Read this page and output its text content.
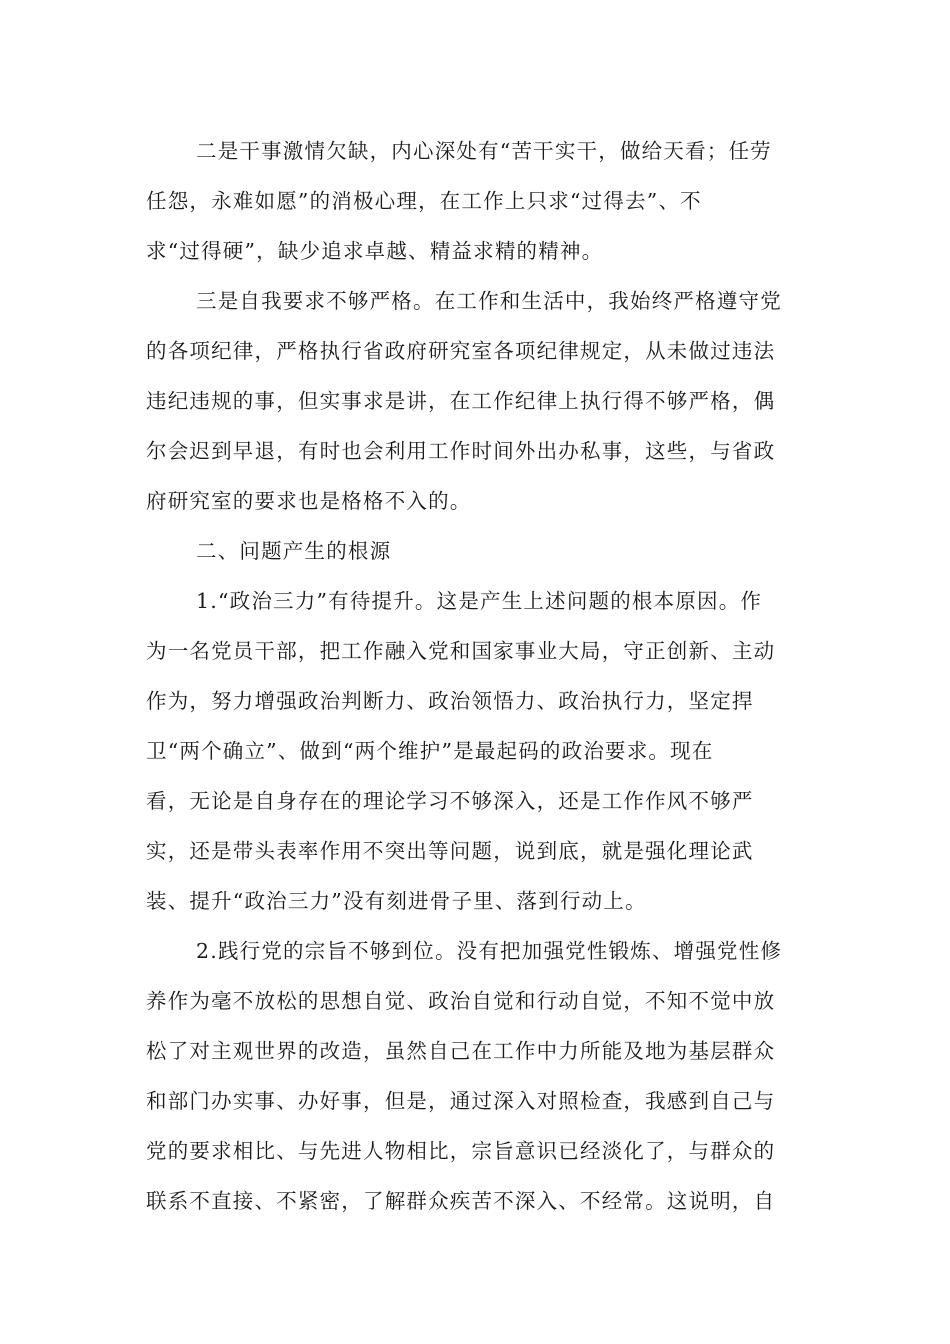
二是干事激情欠缺，内心深处有“苦干实干，做给天看；任劳
任怨，永难如愿”的消极心理，在工作上只求“过得去”、不
求“过得硬”，缺少追求卓越、精益求精的精神。
三是自我要求不够严格。在工作和生活中，我始终严格遵守党
的各项纪律，严格执行省政府研究室各项纪律规定，从未做过违法
违纪违规的事，但实事求是讲，在工作纪律上执行得不够严格，偶
尔会迟到早退，有时也会利用工作时间外出办私事，这些，与省政
府研究室的要求也是格格不入的。
二、问题产生的根源
1.“政治三力”有待提升。这是产生上述问题的根本原因。作
为一名党员干部，把工作融入党和国家事业大局，守正创新、主动
作为，努力增强政治判断力、政治领悟力、政治执行力，坚定捍
卫“两个确立”、做到“两个维护”是最起码的政治要求。现在
看，无论是自身存在的理论学习不够深入，还是工作作风不够严
实，还是带头表率作用不突出等问题，说到底，就是强化理论武
装、提升“政治三力”没有刻进骨子里、落到行动上。
2.践行党的宗旨不够到位。没有把加强党性锻炼、增强党性修
养作为毫不放松的思想自觉、政治自觉和行动自觉，不知不觉中放
松了对主观世界的改造，虽然自己在工作中力所能及地为基层群众
和部门办实事、办好事，但是，通过深入对照检查，我感到自己与
党的要求相比、与先进人物相比，宗旨意识已经淡化了，与群众的
联系不直接、不紧密，了解群众疾苦不深入、不经常。这说明，自
